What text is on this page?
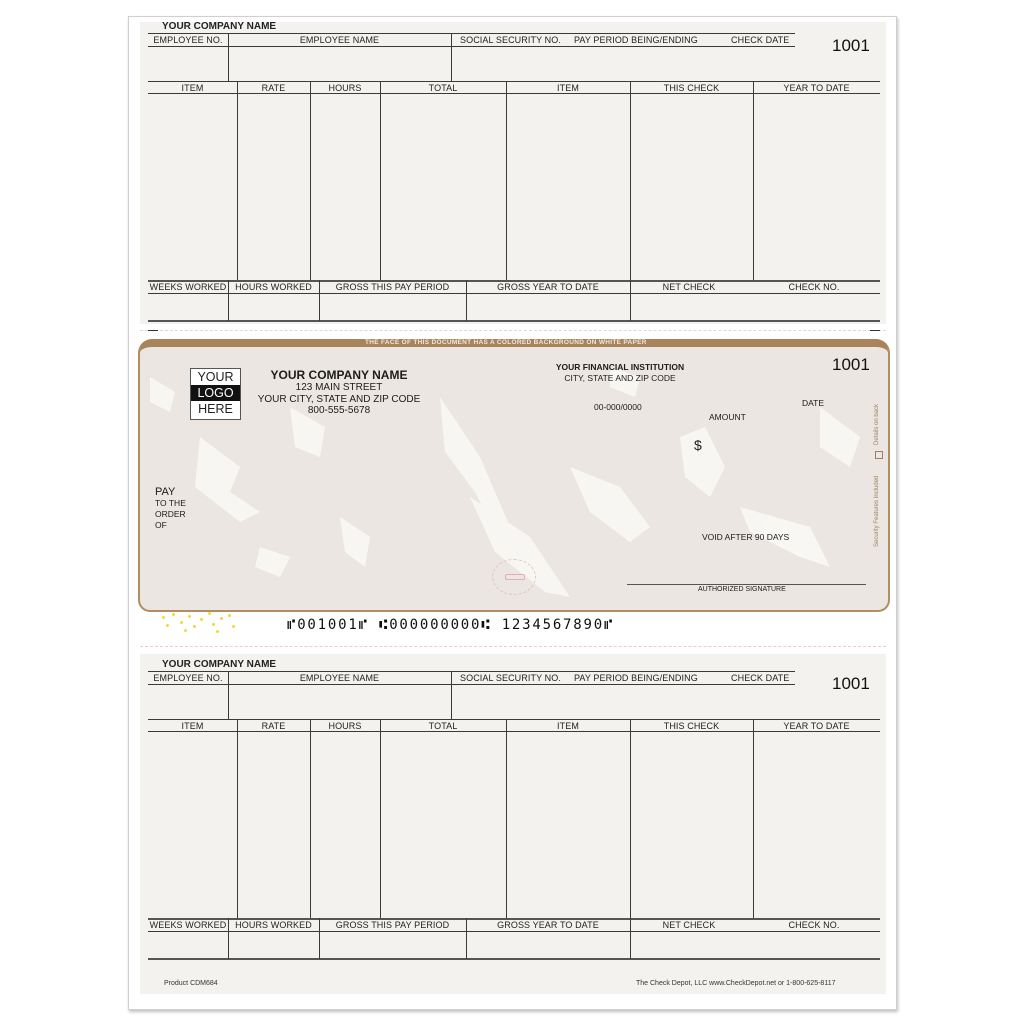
YOUR COMPANY NAME
1001
EMPLOYEE NO.	EMPLOYEE NAME	SOCIAL SECURITY NO. PAY PERIOD BEING/ENDING	CHECK DATE
ITEM	RATE	HOURS	TOTAL	ITEM	THIS CHECK	YEAR TO DATE
WEEKS WORKED HOURS WORKED	GROSS THIS PAY PERIOD	GROSS YEAR TO DATE	NET CHECK	CHECK NO.
THE FACE OF THIS DOCUMENT HAS A COLORED BACKGROUND ON WHITE PAPER
YOUR
LOGO
HERE
YOUR COMPANY NAME
123 MAIN STREET
YOUR CITY, STATE AND ZIP CODE
800-555-5678
YOUR FINANCIAL INSTITUTION
CITY, STATE AND ZIP CODE
00-000/0000
1001
DATE
AMOUNT
$
PAY
TO THE
ORDER
OF
VOID AFTER 90 DAYS
AUTHORIZED SIGNATURE
Details on back
Security Features Included
⑈001001⑈ ⑆000000000⑆ 1234567890⑈
YOUR COMPANY NAME
1001
EMPLOYEE NO.	EMPLOYEE NAME	SOCIAL SECURITY NO. PAY PERIOD BEING/ENDING	CHECK DATE
ITEM	RATE	HOURS	TOTAL	ITEM	THIS CHECK	YEAR TO DATE
WEEKS WORKED HOURS WORKED	GROSS THIS PAY PERIOD	GROSS YEAR TO DATE	NET CHECK	CHECK NO.
Product CDM684	The Check Depot, LLC www.CheckDepot.net or 1-800-625-8117
